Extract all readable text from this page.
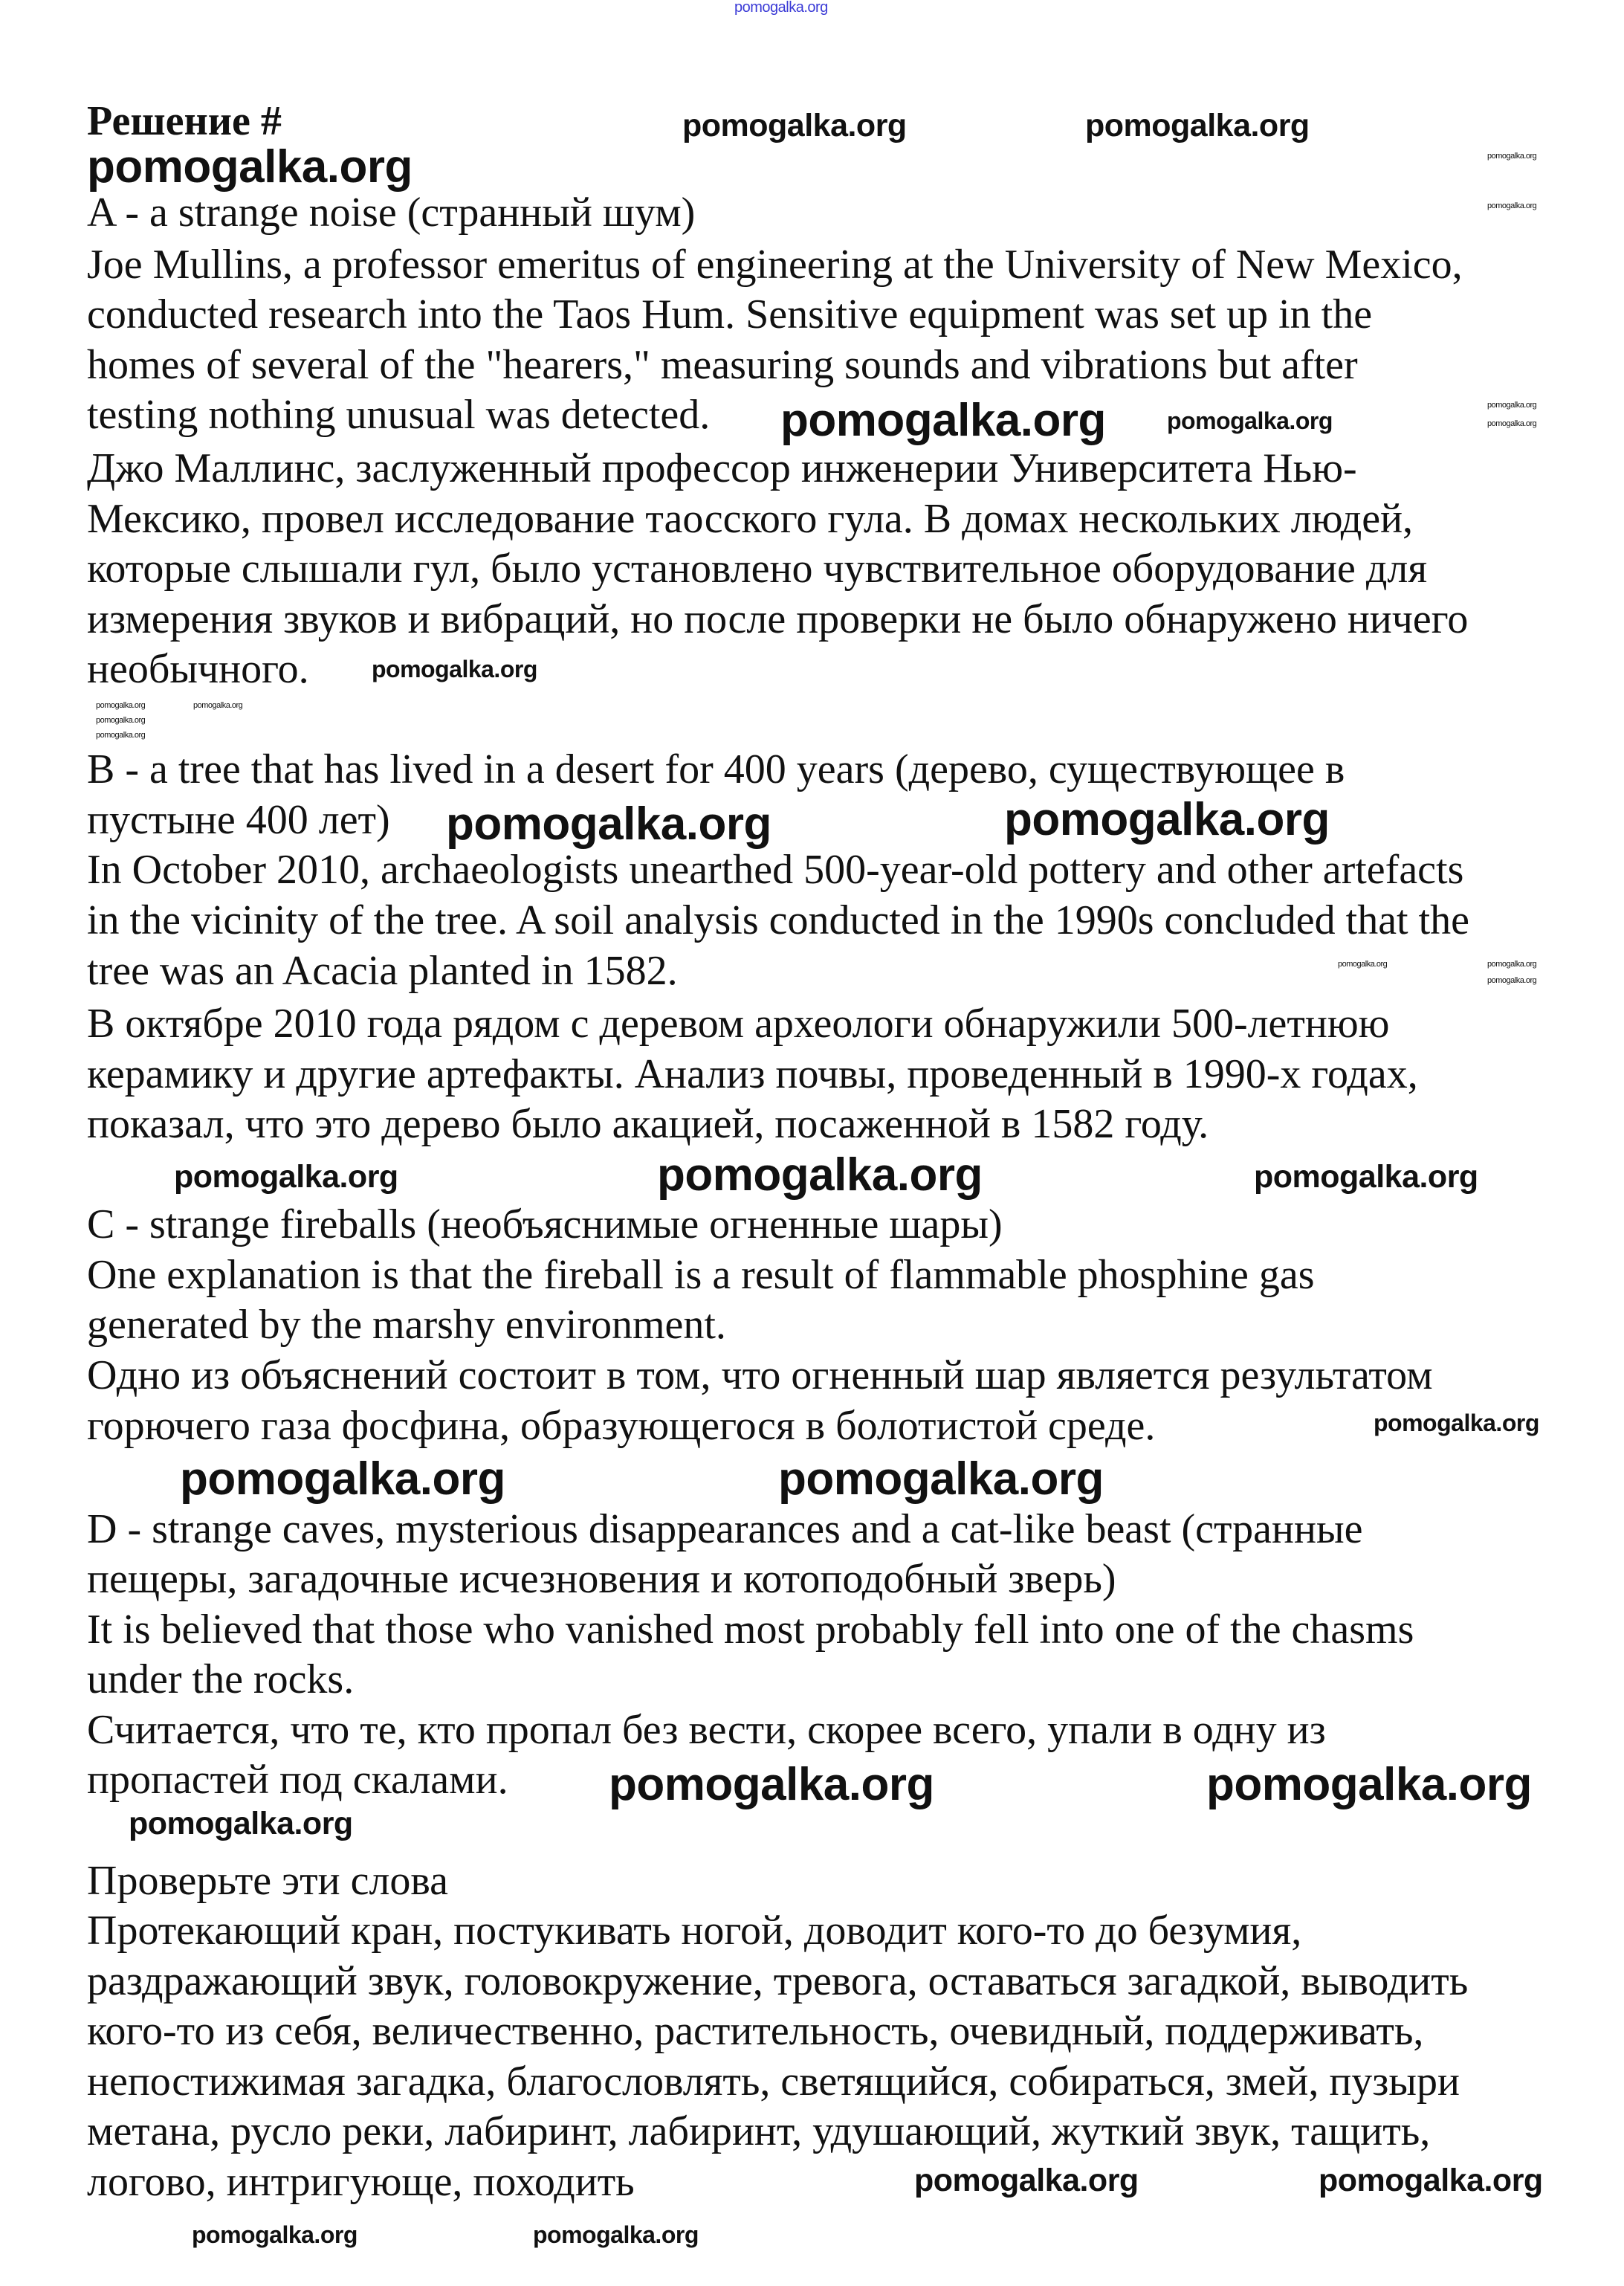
Решение #
A - a strange noise (странный шум)
Joe Mullins, a professor emeritus of engineering at the University of New Mexico,
conducted research into the Taos Hum. Sensitive equipment was set up in the
homes of several of the "hearers," measuring sounds and vibrations but after
testing nothing unusual was detected.
Джо Маллинс, заслуженный профессор инженерии Университета Нью-
Мексико, провел исследование таосского гула. В домах нескольких людей,
которые слышали гул, было установлено чувствительное оборудование для
измерения звуков и вибраций, но после проверки не было обнаружено ничего
необычного.
B - a tree that has lived in a desert for 400 years (дерево, существующее в
пустыне 400 лет)
In October 2010, archaeologists unearthed 500-year-old pottery and other artefacts
in the vicinity of the tree. A soil analysis conducted in the 1990s concluded that the
tree was an Acacia planted in 1582.
В октябре 2010 года рядом с деревом археологи обнаружили 500-летнюю
керамику и другие артефакты. Анализ почвы, проведенный в 1990-х годах,
показал, что это дерево было акацией, посаженной в 1582 году.
C - strange fireballs (необъяснимые огненные шары)
One explanation is that the fireball is a result of flammable phosphine gas
generated by the marshy environment.
Одно из объяснений состоит в том, что огненный шар является результатом
горючего газа фосфина, образующегося в болотистой среде.
D - strange caves, mysterious disappearances and a cat-like beast (странные
пещеры, загадочные исчезновения и котоподобный зверь)
It is believed that those who vanished most probably fell into one of the chasms
under the rocks.
Считается, что те, кто пропал без вести, скорее всего, упали в одну из
пропастей под скалами.
Проверьте эти слова
Протекающий кран, постукивать ногой, доводит кого-то до безумия,
раздражающий звук, головокружение, тревога, оставаться загадкой, выводить
кого-то из себя, величественно, растительность, очевидный, поддерживать,
непостижимая загадка, благословлять, светящийся, собираться, змей, пузыри
метана, русло реки, лабиринт, лабиринт, удушающий, жуткий звук, тащить,
логово, интригующе, походить
pomogalka.org
pomogalka.org	pomogalka.org
pomogalka.org	pomogalka.org
pomogalka.org
pomogalka.org
pomogalka.org
pomogalka.org	pomogalka.org
pomogalka.org
pomogalka.org
pomogalka.org
pomogalka.org
pomogalka.org
pomogalka.org	pomogalka.org
pomogalka.org
pomogalka.org	pomogalka.org
pomogalka.org	pomogalka.org	pomogalka.org
pomogalka.org
pomogalka.org	pomogalka.org
pomogalka.org	pomogalka.org
pomogalka.org
pomogalka.org	pomogalka.org
pomogalka.org	pomogalka.org
